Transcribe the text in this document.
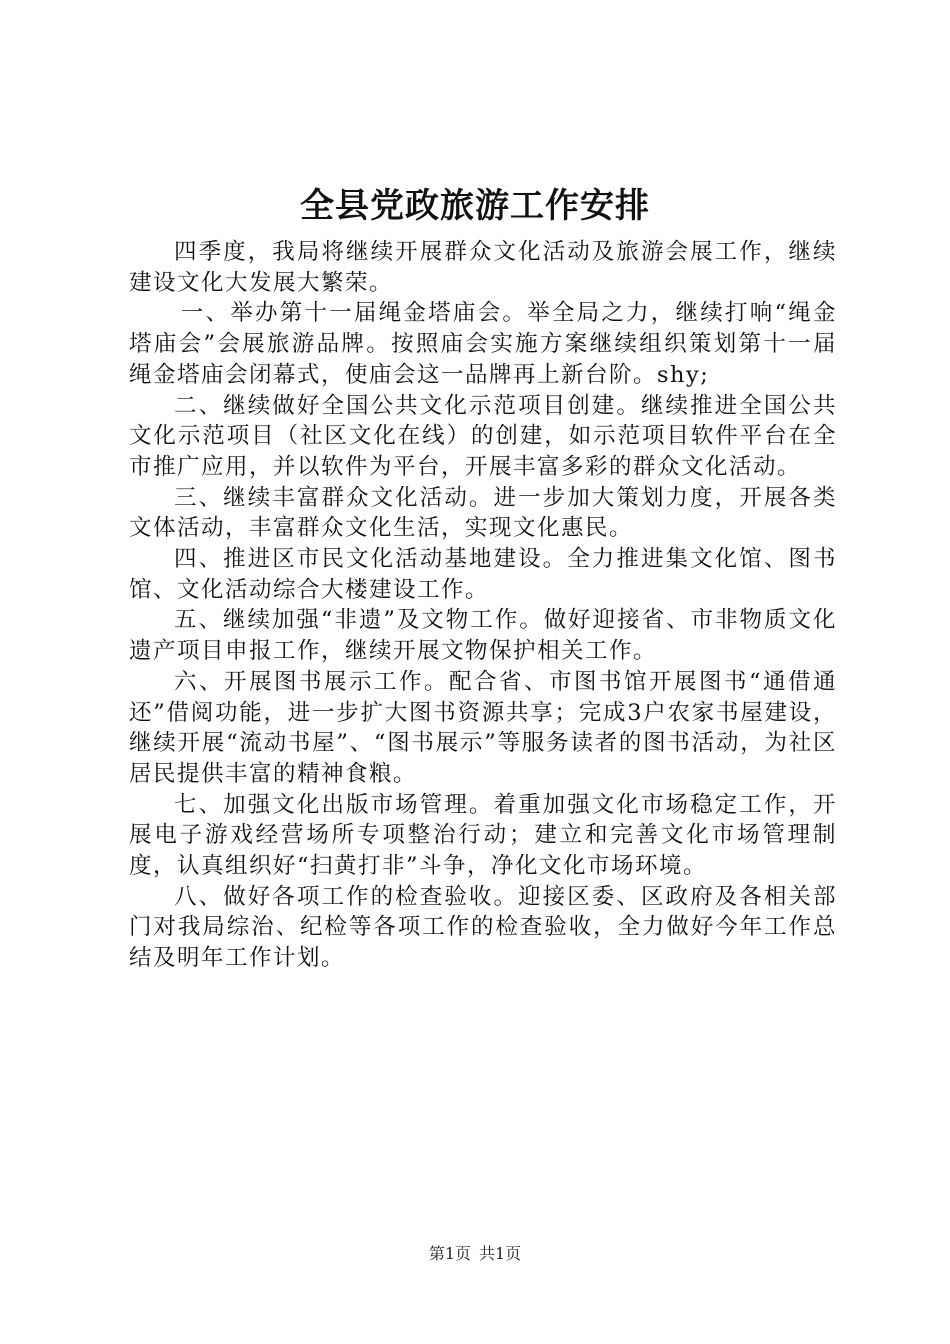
全县党政旅游工作安排

四季度，我局将继续开展群众文化活动及旅游会展工作，继续建设文化大发展大繁荣。

一、举办第十一届绳金塔庙会。举全局之力，继续打响“绳金塔庙会”会展旅游品牌。按照庙会实施方案继续组织策划第十一届绳金塔庙会闭幕式，使庙会这一品牌再上新台阶。shy;

二、继续做好全国公共文化示范项目创建。继续推进全国公共文化示范项目（社区文化在线）的创建，如示范项目软件平台在全市推广应用，并以软件为平台，开展丰富多彩的群众文化活动。

三、继续丰富群众文化活动。进一步加大策划力度，开展各类文体活动，丰富群众文化生活，实现文化惠民。

四、推进区市民文化活动基地建设。全力推进集文化馆、图书馆、文化活动综合大楼建设工作。

五、继续加强“非遗”及文物工作。做好迎接省、市非物质文化遗产项目申报工作，继续开展文物保护相关工作。

六、开展图书展示工作。配合省、市图书馆开展图书“通借通还”借阅功能，进一步扩大图书资源共享；完成3户农家书屋建设，继续开展“流动书屋”、“图书展示”等服务读者的图书活动，为社区居民提供丰富的精神食粮。

七、加强文化出版市场管理。着重加强文化市场稳定工作，开展电子游戏经营场所专项整治行动；建立和完善文化市场管理制度，认真组织好“扫黄打非”斗争，净化文化市场环境。

八、做好各项工作的检查验收。迎接区委、区政府及各相关部门对我局综治、纪检等各项工作的检查验收，全力做好今年工作总结及明年工作计划。

第1页 共1页
